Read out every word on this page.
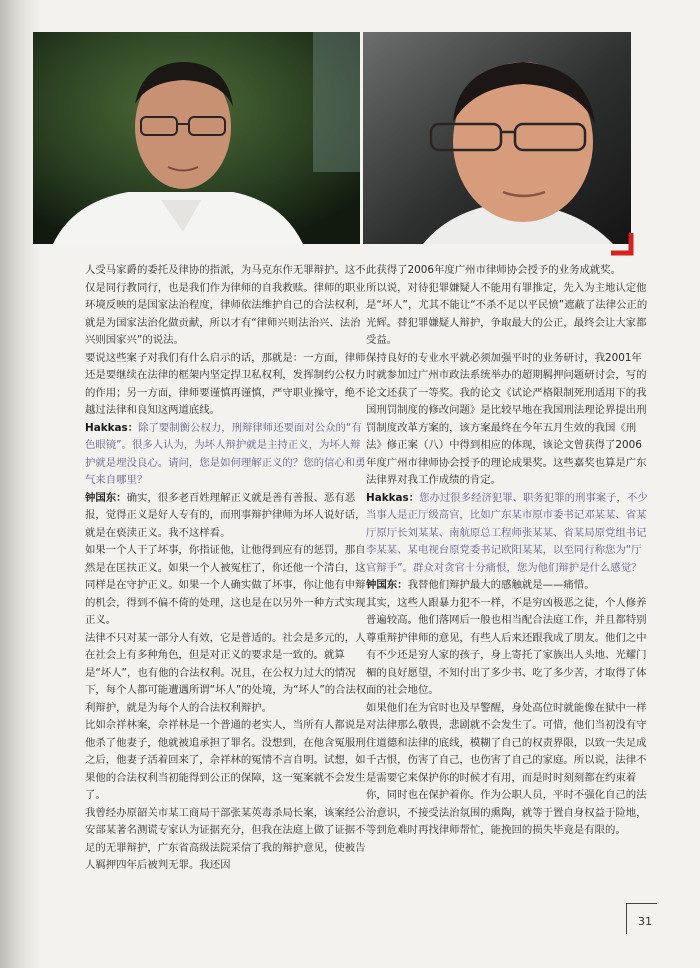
人受马家爵的委托及律协的指派，为马克东作无罪辩护。这不仅是同行教同行，也是我们作为律师的自我救赎。律师的职业环境反映的是国家法治程度，律师依法维护自己的合法权利，就是为国家法治化做贡献，所以才有“律师兴则法治兴、法治兴则国家兴”的说法。

要说这些案子对我们有什么启示的话，那就是：一方面，律师还是要继续在法律的框架内坚定捍卫私权利，发挥制约公权力的作用；另一方面，律师要谨慎再谨慎，严守职业操守，绝不越过法律和良知这两道底线。

Hakkas：除了要制衡公权力，刑辩律师还要面对公众的“有色眼镜”。很多人认为，为坏人辩护就是主持正义，为坏人辩护就是埋没良心。请问，您是如何理解正义的？您的信心和勇气来自哪里？

钟国东：确实，很多老百姓理解正义就是善有善报、恶有恶报，觉得正义是好人专有的，而刑事辩护律师为坏人说好话，就是在亵渎正义。我不这样看。

如果一个人干了坏事，你指证他，让他得到应有的惩罚，那自然是在匡扶正义。如果一个人被冤枉了，你还他一个清白，这同样是在守护正义。如果一个人确实做了坏事，你让他有申辩的机会，得到不偏不倚的处理，这也是在以另外一种方式实现正义。

法律不只对某一部分人有效，它是普适的。社会是多元的，人在社会上有多种角色，但是对正义的要求是一致的。就算是“坏人”，也有他的合法权利。况且，在公权力过大的情况下，每个人都可能遭遇所谓“坏人”的处境，为“坏人”的合法权利辩护，就是为每个人的合法权利辩护。

比如佘祥林案，佘祥林是一个普通的老实人，当所有人都说是他杀了他妻子，他就被追承担了罪名。没想到，在他含冤服刑之后，他妻子活着回来了，佘祥林的冤情不言自明。试想，如果他的合法权利当初能得到公正的保障，这一冤案就不会发生了。

我曾经办原韶关市某工商局干部张某英毒杀局长案，该案经公安部某著名测谎专家认为证据充分，但我在法庭上做了证据不足的无罪辩护，广东省高级法院采信了我的辩护意见，使被告人羁押四年后被判无罪。我还因

此获得了2006年度广州市律师协会授予的业务成就奖。

所以说，对待犯罪嫌疑人不能用有罪推定，先入为主地认定他是“坏人”，尤其不能让“不杀不足以平民愤”遮蔽了法律公正的光辉。替犯罪嫌疑人辩护，争取最大的公正，最终会让大家都受益。

保持良好的专业水平就必须加强平时的业务研讨，我2001年时就参加过广州市政法系统举办的超期羁押问题研讨会，写的论文还获了一等奖。我的论文《试论严格限制死刑适用下的我国刑罚制度的修改问题》是比较早地在我国刑法理论界提出刑罚制度改革方案的，该方案最终在今年五月生效的我国《刑法》修正案（八）中得到相应的体现，该论文曾获得了2006年度广州市律师协会授予的理论成果奖。这些嘉奖也算是广东法律界对我工作成绩的肯定。

Hakkas：您办过很多经济犯罪、职务犯罪的刑事案子，不少当事人是正厅级高官，比如广东某市原市委书记邓某某、省某厅原厅长刘某某、南航原总工程师张某某、省某局原党组书记李某某、某电视台原党委书记欧阳某某，以至同行称您为“厅官辩手”。群众对贪官十分痛恨，您为他们辩护是什么感觉？

钟国东：我替他们辩护最大的感触就是——痛惜。

其实，这些人跟暴力犯不一样，不是穷凶极恶之徒，个人修养普遍较高。他们落网后一般也相当配合法庭工作，并且都特别尊重辩护律师的意见，有些人后来还跟我成了朋友。他们之中有不少还是穷人家的孩子，身上寄托了家族出人头地、光耀门楣的良好愿望，不知付出了多少书、吃了多少苦，才取得了体面的社会地位。

如果他们在为官时也及早警醒，身处高位时就能像在狱中一样对法律那么敬畏，悲剧就不会发生了。可惜，他们当初没有守住道德和法律的底线，模糊了自己的权责界限，以致一失足成千古恨，伤害了自己，也伤害了自己的家庭。所以说，法律不是需要它来保护你的时候才有用，而是时时刻刻都在约束着你，同时也在保护着你。作为公职人员，平时不强化自己的法治意识，不接受法治氛围的熏陶，就等于置自身权益于险地，等到危难时再找律师帮忙，能挽回的损失毕竟是有限的。

31
